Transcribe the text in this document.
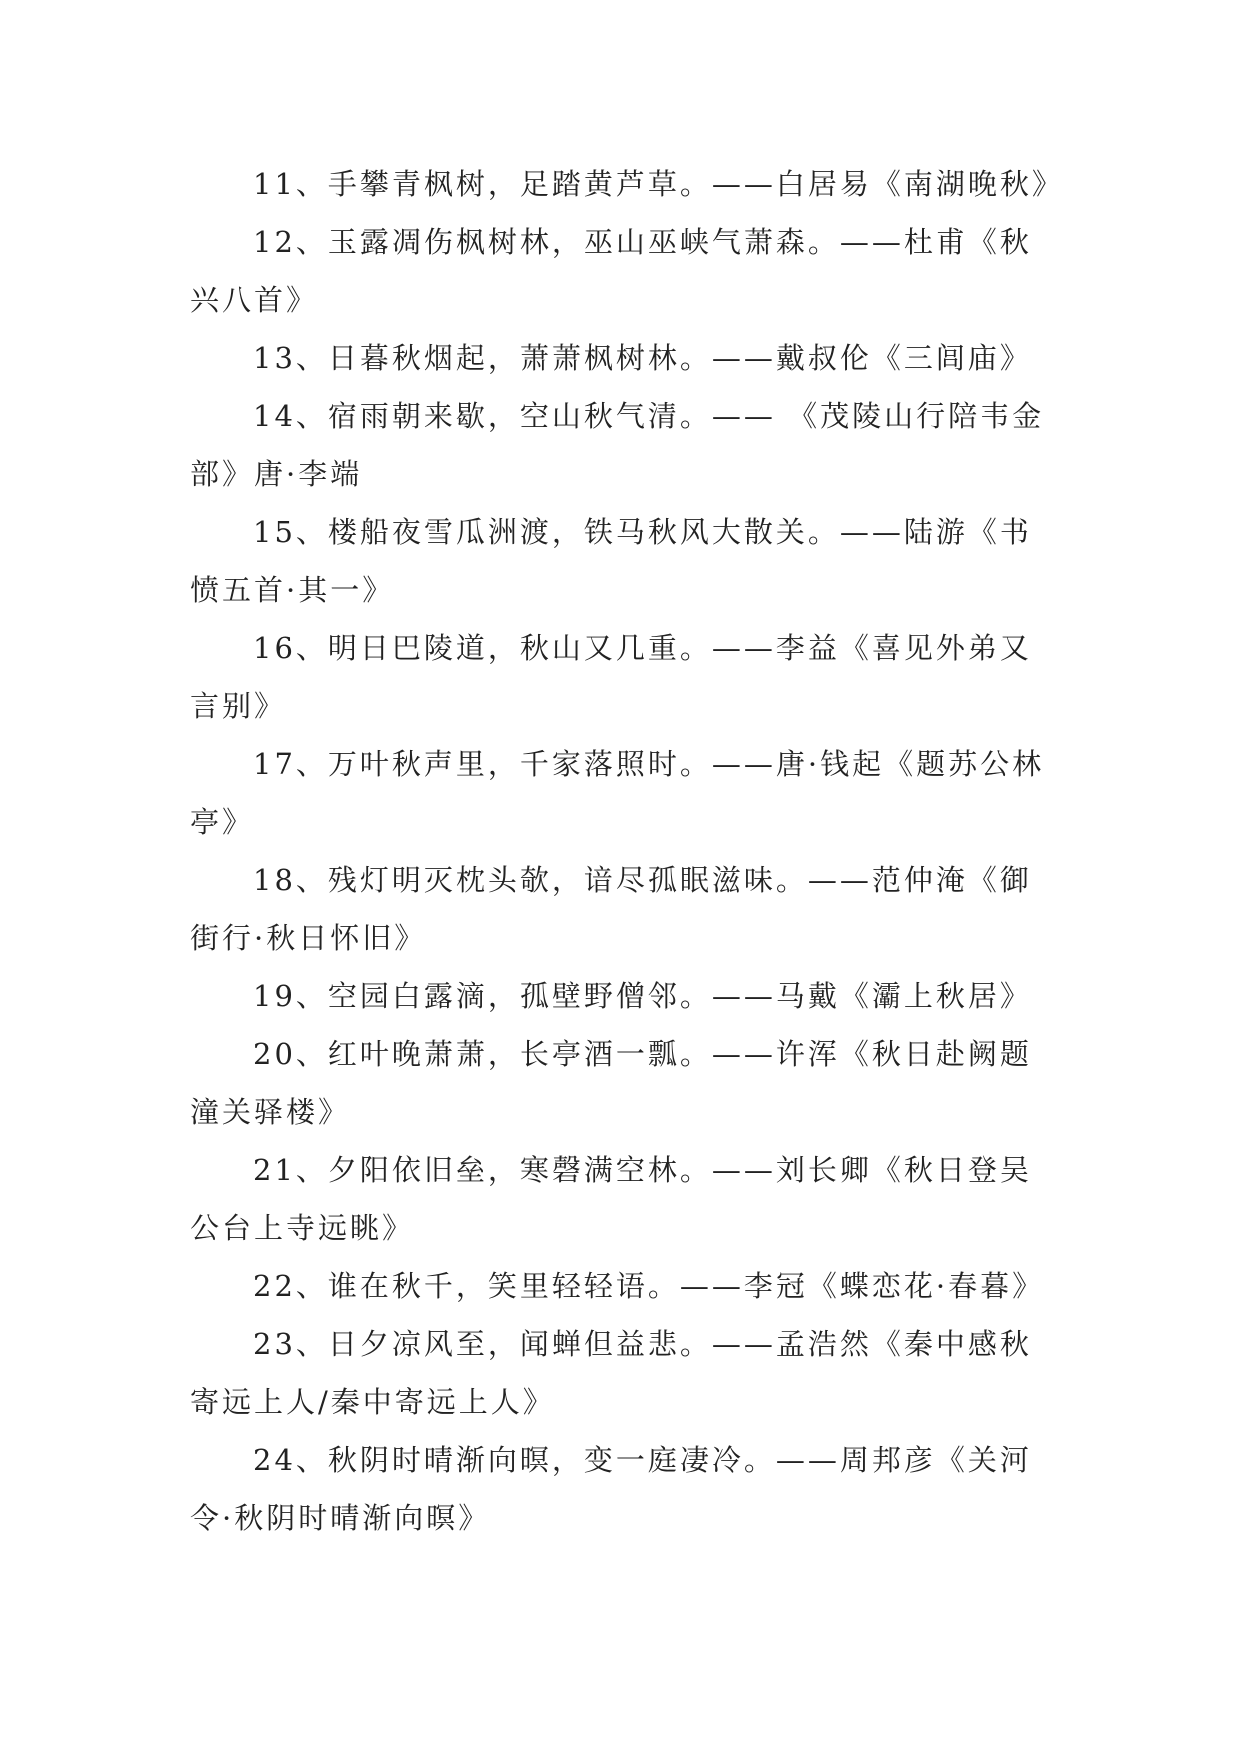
11、手攀青枫树，足踏黄芦草。——白居易《南湖晚秋》

12、玉露凋伤枫树林，巫山巫峡气萧森。——杜甫《秋兴八首》

13、日暮秋烟起，萧萧枫树林。——戴叔伦《三闾庙》

14、宿雨朝来歇，空山秋气清。—— 《茂陵山行陪韦金部》唐·李端

15、楼船夜雪瓜洲渡，铁马秋风大散关。——陆游《书愤五首·其一》

16、明日巴陵道，秋山又几重。——李益《喜见外弟又言别》

17、万叶秋声里，千家落照时。——唐·钱起《题苏公林亭》

18、残灯明灭枕头欹，谙尽孤眠滋味。——范仲淹《御街行·秋日怀旧》

19、空园白露滴，孤壁野僧邻。——马戴《灞上秋居》

20、红叶晚萧萧，长亭酒一瓢。——许浑《秋日赴阙题潼关驿楼》

21、夕阳依旧垒，寒磬满空林。——刘长卿《秋日登吴公台上寺远眺》

22、谁在秋千，笑里轻轻语。——李冠《蝶恋花·春暮》

23、日夕凉风至，闻蝉但益悲。——孟浩然《秦中感秋寄远上人/秦中寄远上人》

24、秋阴时晴渐向暝，变一庭凄冷。——周邦彦《关河令·秋阴时晴渐向暝》
